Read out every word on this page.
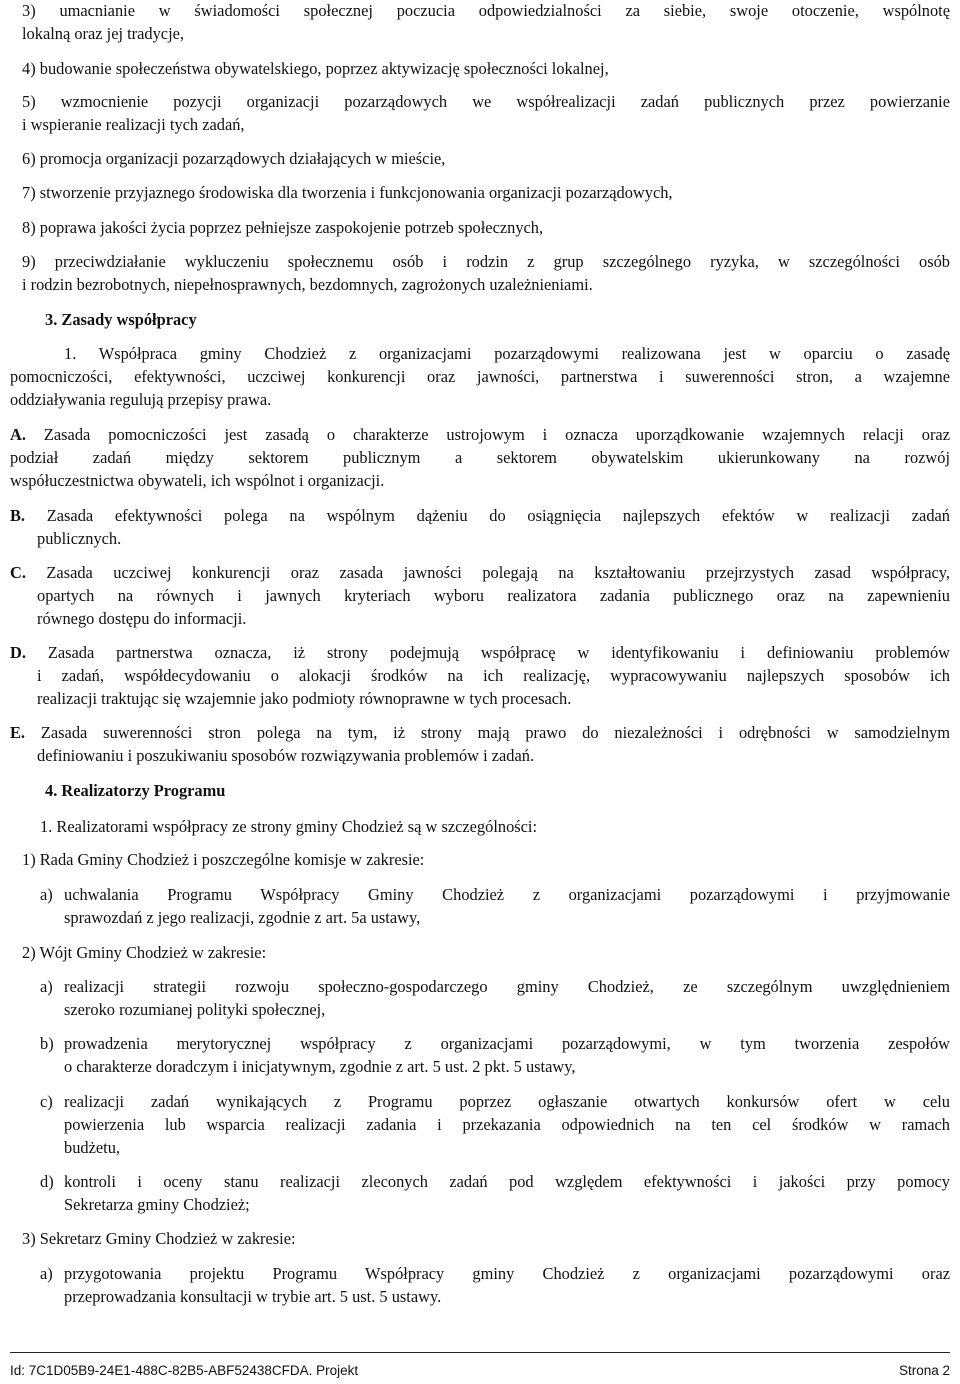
3) umacnianie w świadomości społecznej poczucia odpowiedzialności za siebie, swoje otoczenie, wspólnotę
lokalną oraz jej tradycje,
4) budowanie społeczeństwa obywatelskiego, poprzez aktywizację społeczności lokalnej,
5) wzmocnienie pozycji organizacji pozarządowych we współrealizacji zadań publicznych przez powierzanie
i wspieranie realizacji tych zadań,
6) promocja organizacji pozarządowych działających w mieście,
7) stworzenie przyjaznego środowiska dla tworzenia i funkcjonowania organizacji pozarządowych,
8) poprawa jakości życia poprzez pełniejsze zaspokojenie potrzeb społecznych,
9) przeciwdziałanie wykluczeniu społecznemu osób i rodzin z grup szczególnego ryzyka, w szczególności osób
i rodzin bezrobotnych, niepełnosprawnych, bezdomnych, zagrożonych uzależnieniami.
3. Zasady współpracy
1. Współpraca gminy Chodzież z organizacjami pozarządowymi realizowana jest w oparciu o zasadę
pomocniczości, efektywności, uczciwej konkurencji oraz jawności, partnerstwa i suwerenności stron, a wzajemne
oddziaływania regulują przepisy prawa.
A. Zasada pomocniczości jest zasadą o charakterze ustrojowym i oznacza uporządkowanie wzajemnych relacji oraz
podział zadań między sektorem publicznym a sektorem obywatelskim ukierunkowany na rozwój
współuczestnictwa obywateli, ich wspólnot i organizacji.
B. Zasada efektywności polega na wspólnym dążeniu do osiągnięcia najlepszych efektów w realizacji zadań
publicznych.
C. Zasada uczciwej konkurencji oraz zasada jawności polegają na kształtowaniu przejrzystych zasad współpracy,
opartych na równych i jawnych kryteriach wyboru realizatora zadania publicznego oraz na zapewnieniu
równego dostępu do informacji.
D. Zasada partnerstwa oznacza, iż strony podejmują współpracę w identyfikowaniu i definiowaniu problemów
i zadań, współdecydowaniu o alokacji środków na ich realizację, wypracowywaniu najlepszych sposobów ich
realizacji traktując się wzajemnie jako podmioty równoprawne w tych procesach.
E. Zasada suwerenności stron polega na tym, iż strony mają prawo do niezależności i odrębności w samodzielnym
definiowaniu i poszukiwaniu sposobów rozwiązywania problemów i zadań.
4. Realizatorzy Programu
1. Realizatorami współpracy ze strony gminy Chodzież są w szczególności:
1) Rada Gminy Chodzież i poszczególne komisje w zakresie:
a) uchwalania Programu Współpracy Gminy Chodzież z organizacjami pozarządowymi i przyjmowanie
sprawozdań z jego realizacji, zgodnie z art. 5a ustawy,
2) Wójt Gminy Chodzież w zakresie:
a) realizacji strategii rozwoju społeczno-gospodarczego gminy Chodzież, ze szczególnym uwzględnieniem
szeroko rozumianej polityki społecznej,
b) prowadzenia merytorycznej współpracy z organizacjami pozarządowymi, w tym tworzenia zespołów
o charakterze doradczym i inicjatywnym, zgodnie z art. 5 ust. 2 pkt. 5 ustawy,
c) realizacji zadań wynikających z Programu poprzez ogłaszanie otwartych konkursów ofert w celu
powierzenia lub wsparcia realizacji zadania i przekazania odpowiednich na ten cel środków w ramach
budżetu,
d) kontroli i oceny stanu realizacji zleconych zadań pod względem efektywności i jakości przy pomocy
Sekretarza gminy Chodzież;
3) Sekretarz Gminy Chodzież w zakresie:
a) przygotowania projektu Programu Współpracy gminy Chodzież z organizacjami pozarządowymi oraz
przeprowadzania konsultacji w trybie art. 5 ust. 5 ustawy.
Id: 7C1D05B9-24E1-488C-82B5-ABF52438CFDA. Projekt	Strona 2
